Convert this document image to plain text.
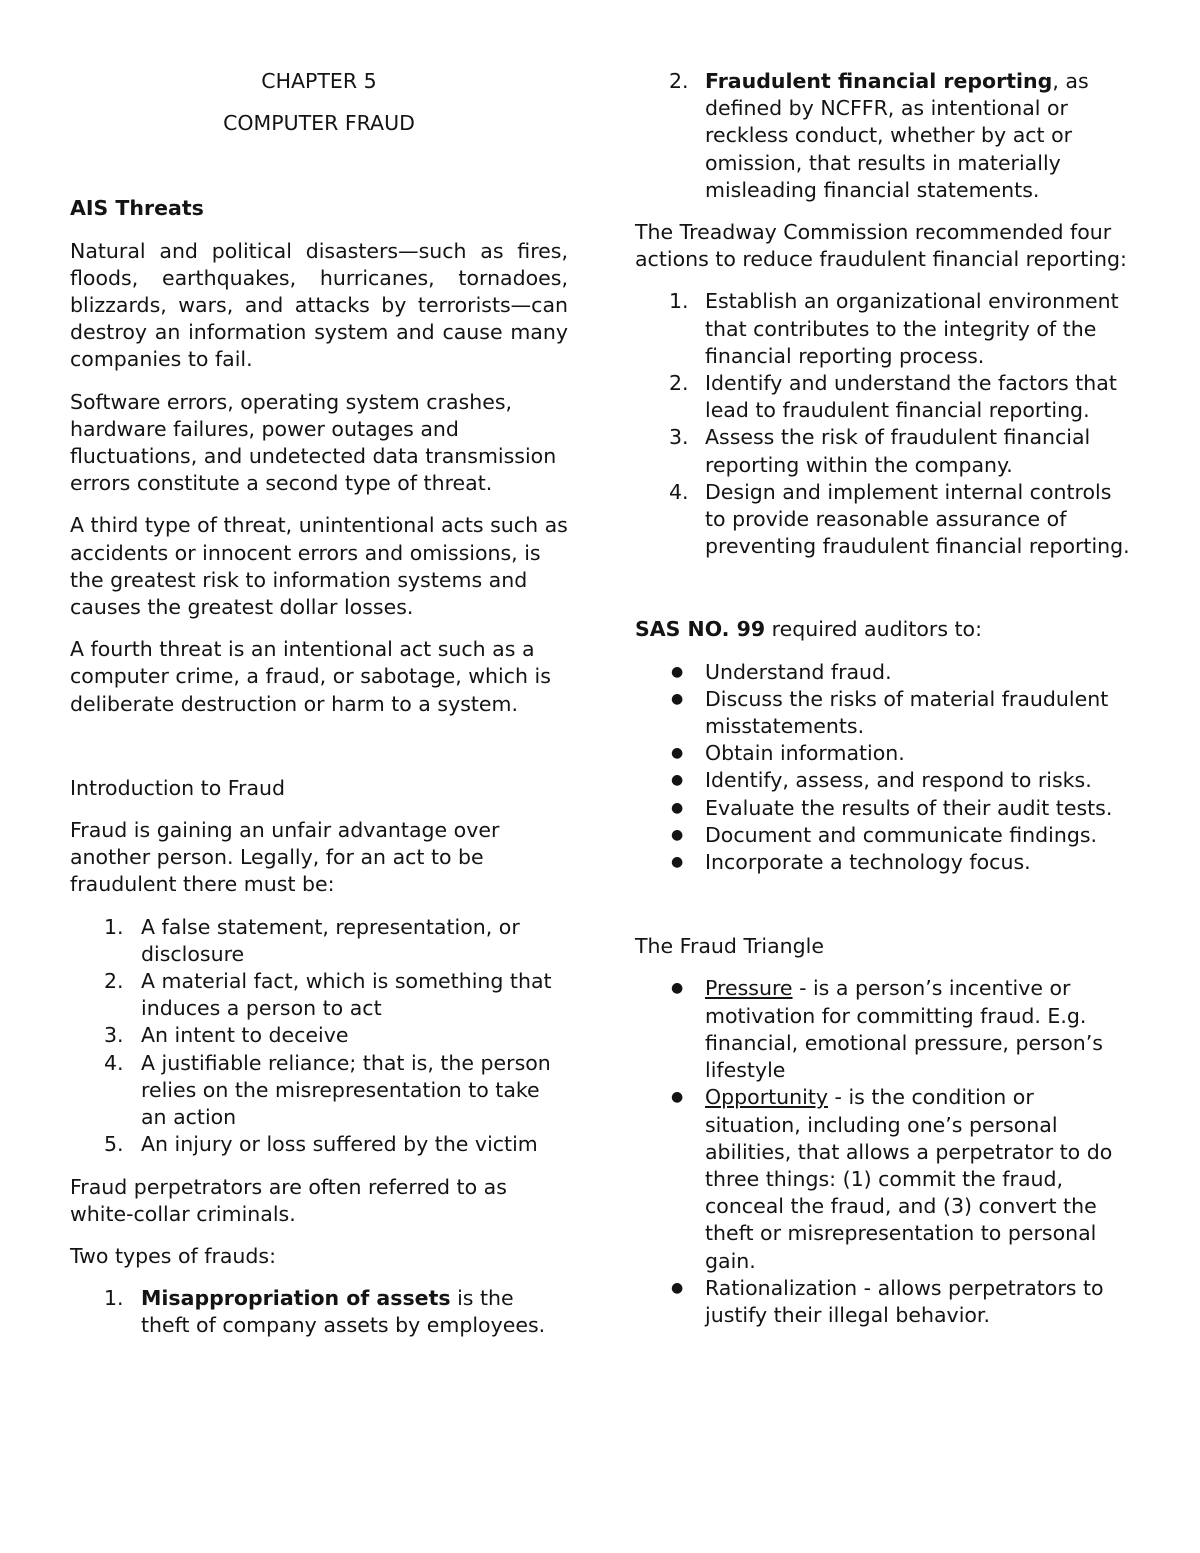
CHAPTER 5

COMPUTER FRAUD

AIS Threats

Natural and political disasters—such as fires, floods, earthquakes, hurricanes, tornadoes, blizzards, wars, and attacks by terrorists—can destroy an information system and cause many companies to fail.

Software errors, operating system crashes, hardware failures, power outages and fluctuations, and undetected data transmission errors constitute a second type of threat.

A third type of threat, unintentional acts such as accidents or innocent errors and omissions, is the greatest risk to information systems and causes the greatest dollar losses.

A fourth threat is an intentional act such as a computer crime, a fraud, or sabotage, which is deliberate destruction or harm to a system.

Introduction to Fraud

Fraud is gaining an unfair advantage over another person. Legally, for an act to be fraudulent there must be:

1. A false statement, representation, or disclosure
2. A material fact, which is something that induces a person to act
3. An intent to deceive
4. A justifiable reliance; that is, the person relies on the misrepresentation to take an action
5. An injury or loss suffered by the victim

Fraud perpetrators are often referred to as white-collar criminals.

Two types of frauds:

1. Misappropriation of assets is the theft of company assets by employees.
2. Fraudulent financial reporting, as defined by NCFFR, as intentional or reckless conduct, whether by act or omission, that results in materially misleading financial statements.

The Treadway Commission recommended four actions to reduce fraudulent financial reporting:

1. Establish an organizational environment that contributes to the integrity of the financial reporting process.
2. Identify and understand the factors that lead to fraudulent financial reporting.
3. Assess the risk of fraudulent financial reporting within the company.
4. Design and implement internal controls to provide reasonable assurance of preventing fraudulent financial reporting.

SAS NO. 99 required auditors to:

● Understand fraud.
● Discuss the risks of material fraudulent misstatements.
● Obtain information.
● Identify, assess, and respond to risks.
● Evaluate the results of their audit tests.
● Document and communicate findings.
● Incorporate a technology focus.

The Fraud Triangle

● Pressure - is a person’s incentive or motivation for committing fraud. E.g. financial, emotional pressure, person’s lifestyle
● Opportunity - is the condition or situation, including one’s personal abilities, that allows a perpetrator to do three things: (1) commit the fraud, conceal the fraud, and (3) convert the theft or misrepresentation to personal gain.
● Rationalization - allows perpetrators to justify their illegal behavior.
